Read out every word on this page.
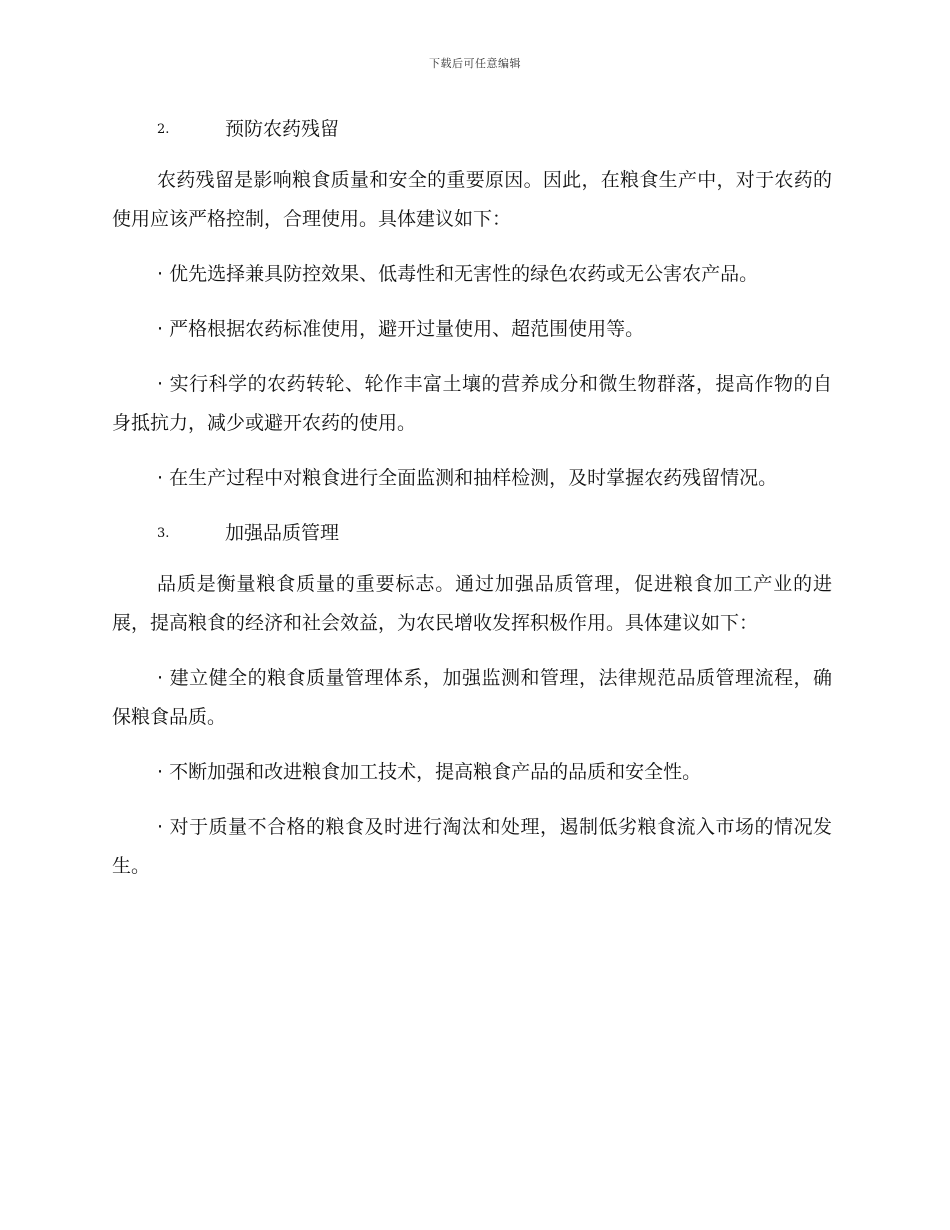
下载后可任意编辑
2.	预防农药残留

农药残留是影响粮食质量和安全的重要原因。因此，在粮食生产中，对于农药的使用应该严格控制，合理使用。具体建议如下：

· 优先选择兼具防控效果、低毒性和无害性的绿色农药或无公害农产品。

· 严格根据农药标准使用，避开过量使用、超范围使用等。

· 实行科学的农药转轮、轮作丰富土壤的营养成分和微生物群落，提高作物的自身抵抗力，减少或避开农药的使用。

· 在生产过程中对粮食进行全面监测和抽样检测，及时掌握农药残留情况。

3.	加强品质管理

品质是衡量粮食质量的重要标志。通过加强品质管理，促进粮食加工产业的进展，提高粮食的经济和社会效益，为农民增收发挥积极作用。具体建议如下：

· 建立健全的粮食质量管理体系，加强监测和管理，法律规范品质管理流程，确保粮食品质。

· 不断加强和改进粮食加工技术，提高粮食产品的品质和安全性。

· 对于质量不合格的粮食及时进行淘汰和处理，遏制低劣粮食流入市场的情况发生。
